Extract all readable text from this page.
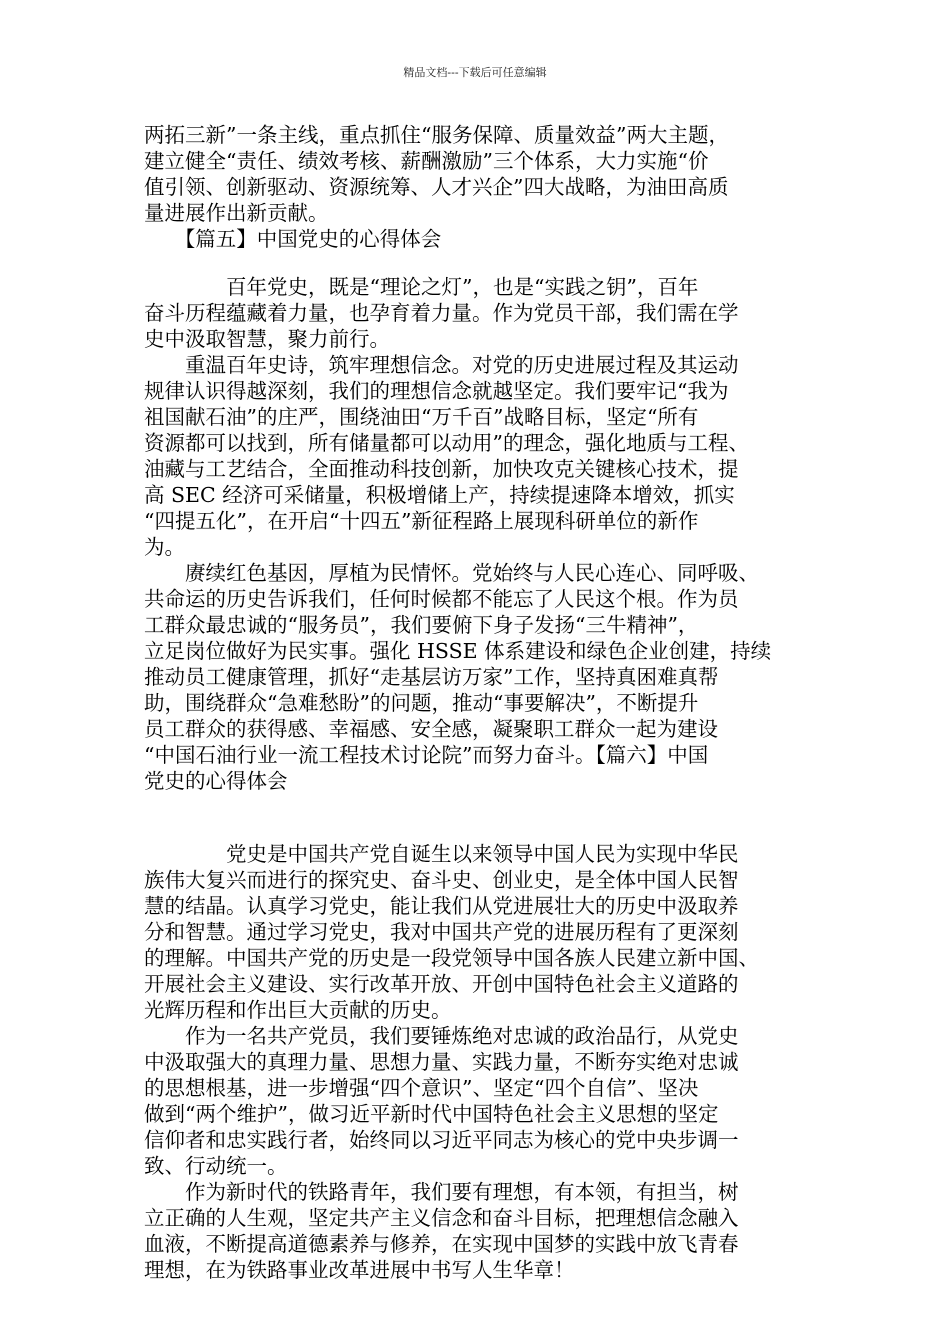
精品文档---下载后可任意编辑
两拓三新”一条主线，重点抓住“服务保障、质量效益”两大主题，
建立健全“责任、绩效考核、薪酬激励”三个体系，大力实施“价
值引领、创新驱动、资源统筹、人才兴企”四大战略，为油田高质
量进展作出新贡献。
　　【篇五】中国党史的心得体会
　　　　百年党史，既是“理论之灯”，也是“实践之钥”，百年
奋斗历程蕴藏着力量，也孕育着力量。作为党员干部，我们需在学
史中汲取智慧，聚力前行。
　　重温百年史诗，筑牢理想信念。对党的历史进展过程及其运动
规律认识得越深刻，我们的理想信念就越坚定。我们要牢记“我为
祖国献石油”的庄严，围绕油田“万千百”战略目标，坚定“所有
资源都可以找到，所有储量都可以动用”的理念，强化地质与工程、
油藏与工艺结合，全面推动科技创新，加快攻克关键核心技术，提
高 SEC 经济可采储量，积极增储上产，持续提速降本增效，抓实
“四提五化”，在开启“十四五”新征程路上展现科研单位的新作
为。
　　赓续红色基因，厚植为民情怀。党始终与人民心连心、同呼吸、
共命运的历史告诉我们，任何时候都不能忘了人民这个根。作为员
工群众最忠诚的“服务员”，我们要俯下身子发扬“三牛精神”，
立足岗位做好为民实事。强化 HSSE 体系建设和绿色企业创建，持续
推动员工健康管理，抓好“走基层访万家”工作，坚持真困难真帮
助，围绕群众“急难愁盼”的问题，推动“事要解决”，不断提升
员工群众的获得感、幸福感、安全感，凝聚职工群众一起为建设
“中国石油行业一流工程技术讨论院”而努力奋斗。【篇六】中国
党史的心得体会
　　　　党史是中国共产党自诞生以来领导中国人民为实现中华民
族伟大复兴而进行的探究史、奋斗史、创业史，是全体中国人民智
慧的结晶。认真学习党史，能让我们从党进展壮大的历史中汲取养
分和智慧。通过学习党史，我对中国共产党的进展历程有了更深刻
的理解。中国共产党的历史是一段党领导中国各族人民建立新中国、
开展社会主义建设、实行改革开放、开创中国特色社会主义道路的
光辉历程和作出巨大贡献的历史。
　　作为一名共产党员，我们要锤炼绝对忠诚的政治品行，从党史
中汲取强大的真理力量、思想力量、实践力量，不断夯实绝对忠诚
的思想根基，进一步增强“四个意识”、坚定“四个自信”、坚决
做到“两个维护”，做习近平新时代中国特色社会主义思想的坚定
信仰者和忠实践行者，始终同以习近平同志为核心的党中央步调一
致、行动统一。
　　作为新时代的铁路青年，我们要有理想，有本领，有担当，树
立正确的人生观，坚定共产主义信念和奋斗目标，把理想信念融入
血液，不断提高道德素养与修养，在实现中国梦的实践中放飞青春
理想，在为铁路事业改革进展中书写人生华章！
